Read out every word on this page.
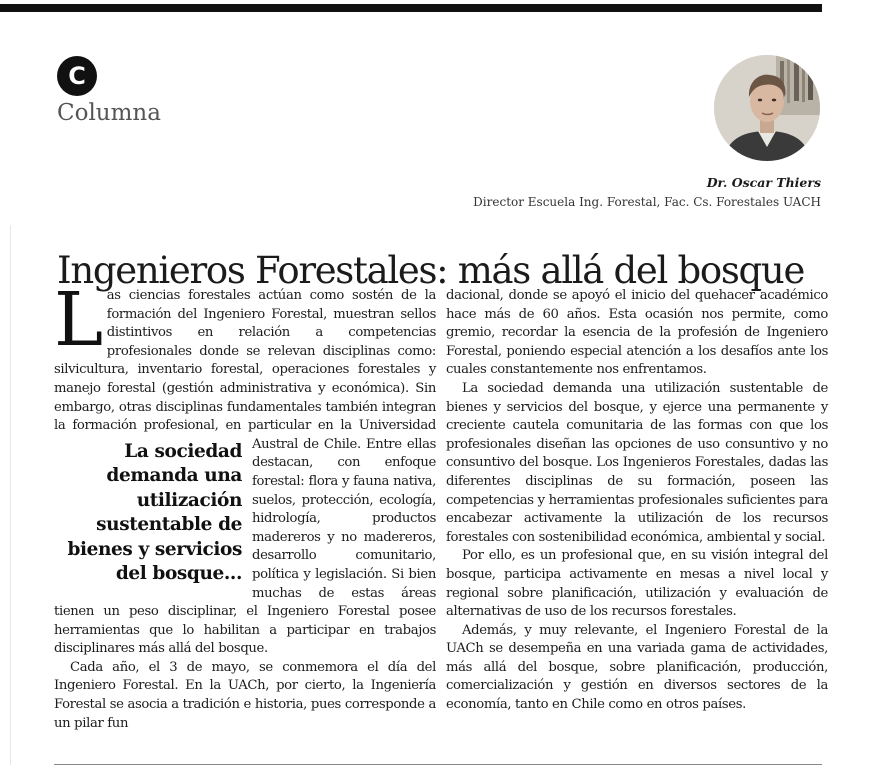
C
Columna
Dr. Oscar Thiers
Director Escuela Ing. Forestal, Fac. Cs. Forestales UACH
Ingenieros Forestales: más allá del bosque

Las ciencias forestales actúan como sostén de la formación del Ingeniero Forestal, muestran sellos distintivos en relación a competencias profesionales donde se relevan disciplinas como: silvicultura, inventario forestal, operaciones forestales y manejo forestal (gestión administrativa y económica). Sin embargo, otras disciplinas fundamentales también integran la formación profesional, en par
La sociedad demanda una utilización sustentable de bienes y servicios del bosque...
ticular en la Universidad Austral de Chile. Entre ellas destacan, con enfoque forestal: flora y fauna nativa, suelos, protección, ecología, hidrología, productos madereros y no madereros, desarrollo comunitario, política y legislación. Si bien muchas de estas áreas tienen un peso disciplinar, el Ingeniero Forestal posee herramientas que lo habilitan a participar en trabajos disciplinares más allá del bosque.

Cada año, el 3 de mayo, se conmemora el día del Ingeniero Forestal. En la UACh, por cierto, la Ingeniería Forestal se asocia a tradición e historia, pues corresponde a un pilar fun

dacional, donde se apoyó el inicio del quehacer académico hace más de 60 años. Esta ocasión nos permite, como gremio, recordar la esencia de la profesión de Ingeniero Forestal, poniendo especial atención a los desafíos ante los cuales constantemente nos enfrentamos.

La sociedad demanda una utilización sustentable de bienes y servicios del bosque, y ejerce una permanente y creciente cautela comunitaria de las formas con que los profesionales diseñan las opciones de uso consuntivo y no consuntivo del bosque. Los Ingenieros Forestales, dadas las diferentes disciplinas de su formación, poseen las competencias y herramientas profesionales suficientes para encabezar activamente la utilización de los recursos forestales con sostenibilidad económica, ambiental y social.

Por ello, es un profesional que, en su visión integral del bosque, participa activamente en mesas a nivel local y regional sobre planificación, utilización y evaluación de alternativas de uso de los recursos forestales.

Además, y muy relevante, el Ingeniero Forestal de la UACh se desempeña en una variada gama de actividades, más allá del bosque, sobre planificación, producción, comercialización y gestión en diversos sectores de la economía, tanto en Chile como en otros países.
